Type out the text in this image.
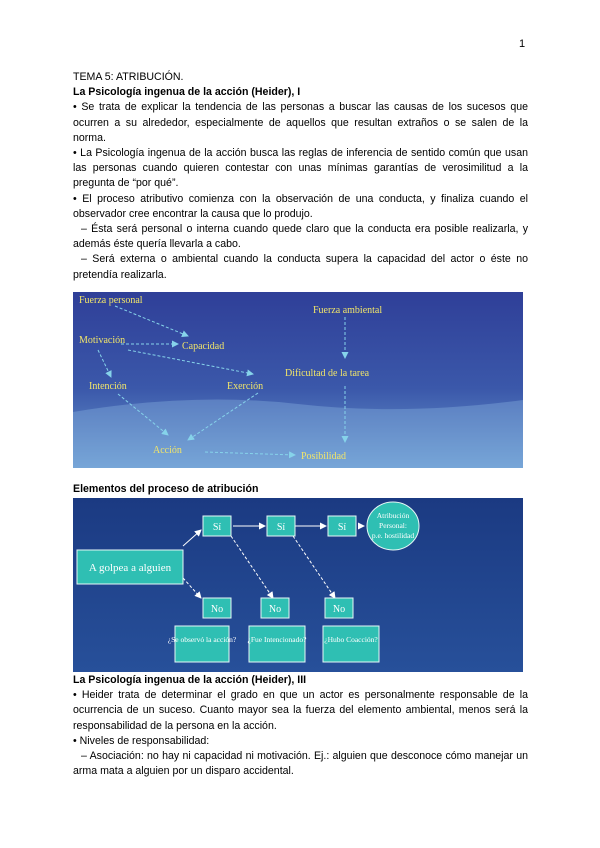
1

TEMA 5: ATRIBUCIÓN.

La Psicología ingenua de la acción (Heider), I

• Se trata de explicar la tendencia de las personas a buscar las causas de los sucesos que ocurren a su alrededor, especialmente de aquellos que resultan extraños o se salen de la norma.

• La Psicología ingenua de la acción busca las reglas de inferencia de sentido común que usan las personas cuando quieren contestar con unas mínimas garantías de verosimilitud a la pregunta de “por qué”.

• El proceso atributivo comienza con la observación de una conducta, y finaliza cuando el observador cree encontrar la causa que lo produjo.

– Ésta será personal o interna cuando quede claro que la conducta era posible realizarla, y además éste quería llevarla a cabo.

– Será externa o ambiental cuando la conducta supera la capacidad del actor o éste no pretendía realizarla.

Fuerza personal
Fuerza ambiental
Motivación
Capacidad
Dificultad de la tarea
Intención	Exerción
Acción
Posibilidad

Elementos del proceso de atribución

A golpea a alguien
Sí	Sí	Sí
No	No	No
¿Se observó la acción? ¿Fue Intencionado? ¿Hubo Coacción?
Atribución
Personal:
p.e. hostilidad

La Psicología ingenua de la acción (Heider), III

• Heider trata de determinar el grado en que un actor es personalmente responsable de la ocurrencia de un suceso. Cuanto mayor sea la fuerza del elemento ambiental, menos será la responsabilidad de la persona en la acción.

• Niveles de responsabilidad:

– Asociación: no hay ni capacidad ni motivación. Ej.: alguien que desconoce cómo manejar un arma mata a alguien por un disparo accidental.
